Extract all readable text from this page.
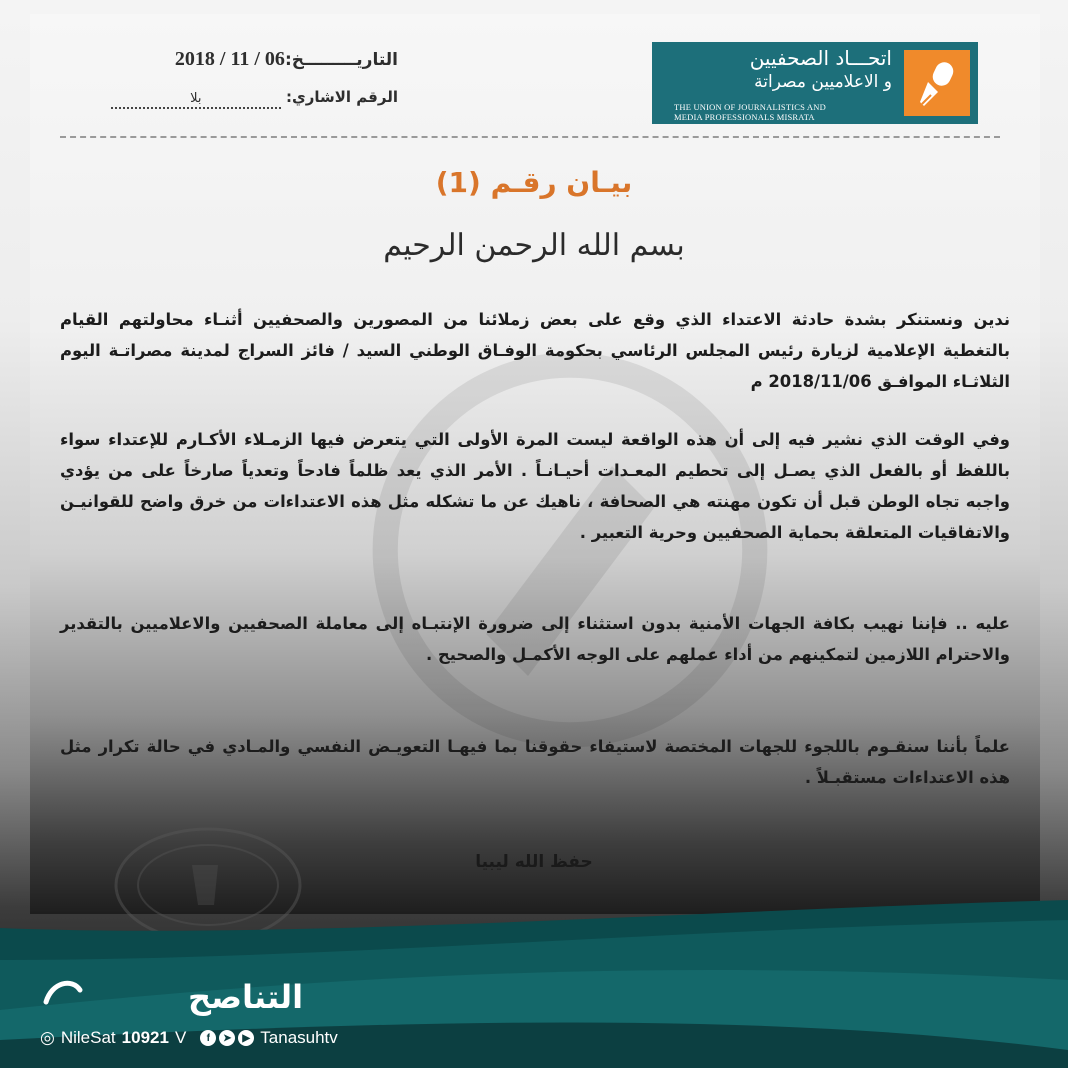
التاريـــــــــخ:2018 / 11 / 06
الرقم الاشاري: بلا
اتحـــاد الصحفيين
و الاعلاميين مصراتة
THE UNION OF JOURNALISTICS AND
MEDIA PROFESSIONALS MISRATA
بيـان رقـم (1)
بسم الله الرحمن الرحيم
ندين ونستنكر بشدة حادثة الاعتداء الذي وقع على بعض زملائنا من المصورين والصحفيين أثنـاء محاولتهم القيام بالتغطية الإعلامية لزيارة رئيس المجلس الرئاسي بحكومة الوفـاق الوطني السيد / فائز السراج لمدينة مصراتـة اليوم الثلاثـاء الموافـق 2018/11/06 م
وفي الوقت الذي نشير فيه إلى أن هذه الواقعة ليست المرة الأولى التي يتعرض فيها الزمـلاء الأكـارم للإعتداء سواء باللفظ أو بالفعل الذي يصـل إلى تحطيم المعـدات أحيـانـاً . الأمر الذي يعد ظلماً فادحاً وتعدياً صارخاً على من يؤدي واجبه تجاه الوطن قبل أن تكون مهنته هي الصحافة ، ناهيك عن ما تشكله مثل هذه الاعتداءات من خرق واضح للقوانيـن والاتفاقيات المتعلقة بحماية الصحفيين وحرية التعبير .
عليه .. فإننا نهيب بكافة الجهات الأمنية بدون استثناء إلى ضرورة الإنتبـاه إلى معاملة الصحفيين والاعلاميين بالتقدير والاحترام اللازمين لتمكينهم من أداء عملهم على الوجه الأكمـل والصحيح .
علماً بأننا سنقـوم باللجوء للجهات المختصة لاستيفاء حقوقنا بما فيهـا التعويـض النفسي والمـادي في حالة تكرار مثل هذه الاعتداءات مستقبـلاً .
حفظ الله ليبيا
التناصح
◎ NileSat 10921 V	f	➤	▶ Tanasuhtv
